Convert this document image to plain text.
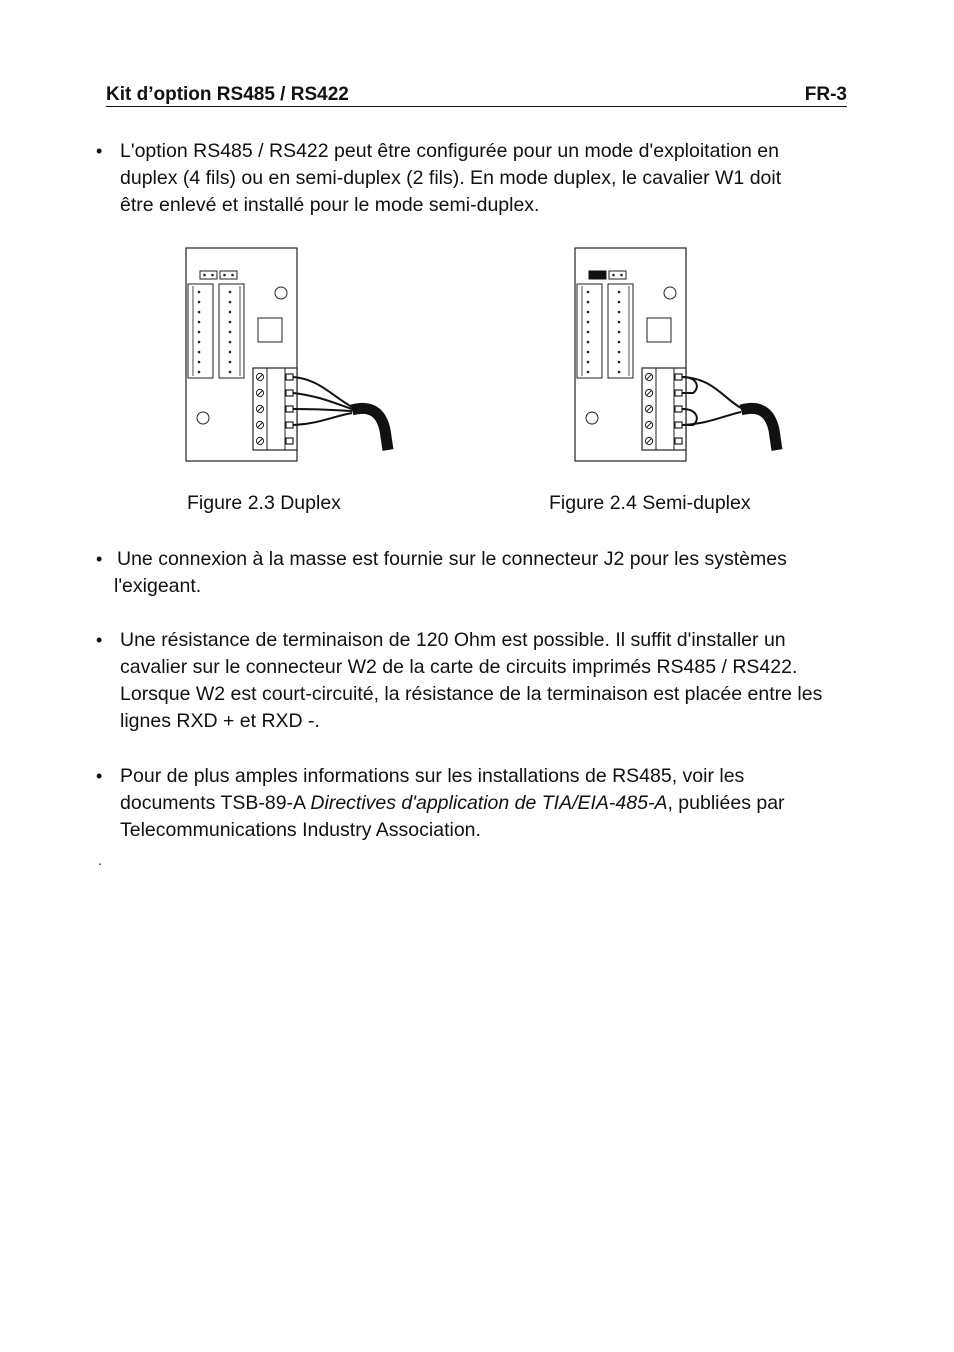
Kit d’option RS485 / RS422	FR-3
• L'option RS485 / RS422 peut être configurée pour un mode d'exploitation en
duplex (4 fils) ou en semi-duplex (2 fils). En mode duplex, le cavalier W1 doit
être enlevé et installé pour le mode semi-duplex.
Figure 2.3 Duplex	Figure 2.4 Semi-duplex
• Une connexion à la masse est fournie sur le connecteur J2 pour les systèmes
l'exigeant.
• Une résistance de terminaison de 120 Ohm est possible. Il suffit d'installer un
cavalier sur le connecteur W2 de la carte de circuits imprimés RS485 / RS422.
Lorsque W2 est court-circuité, la résistance de la terminaison est placée entre les
lignes RXD + et RXD -.
• Pour de plus amples informations sur les installations de RS485, voir les
documents TSB-89-A Directives d'application de TIA/EIA-485-A, publiées par
Telecommunications Industry Association.
.
